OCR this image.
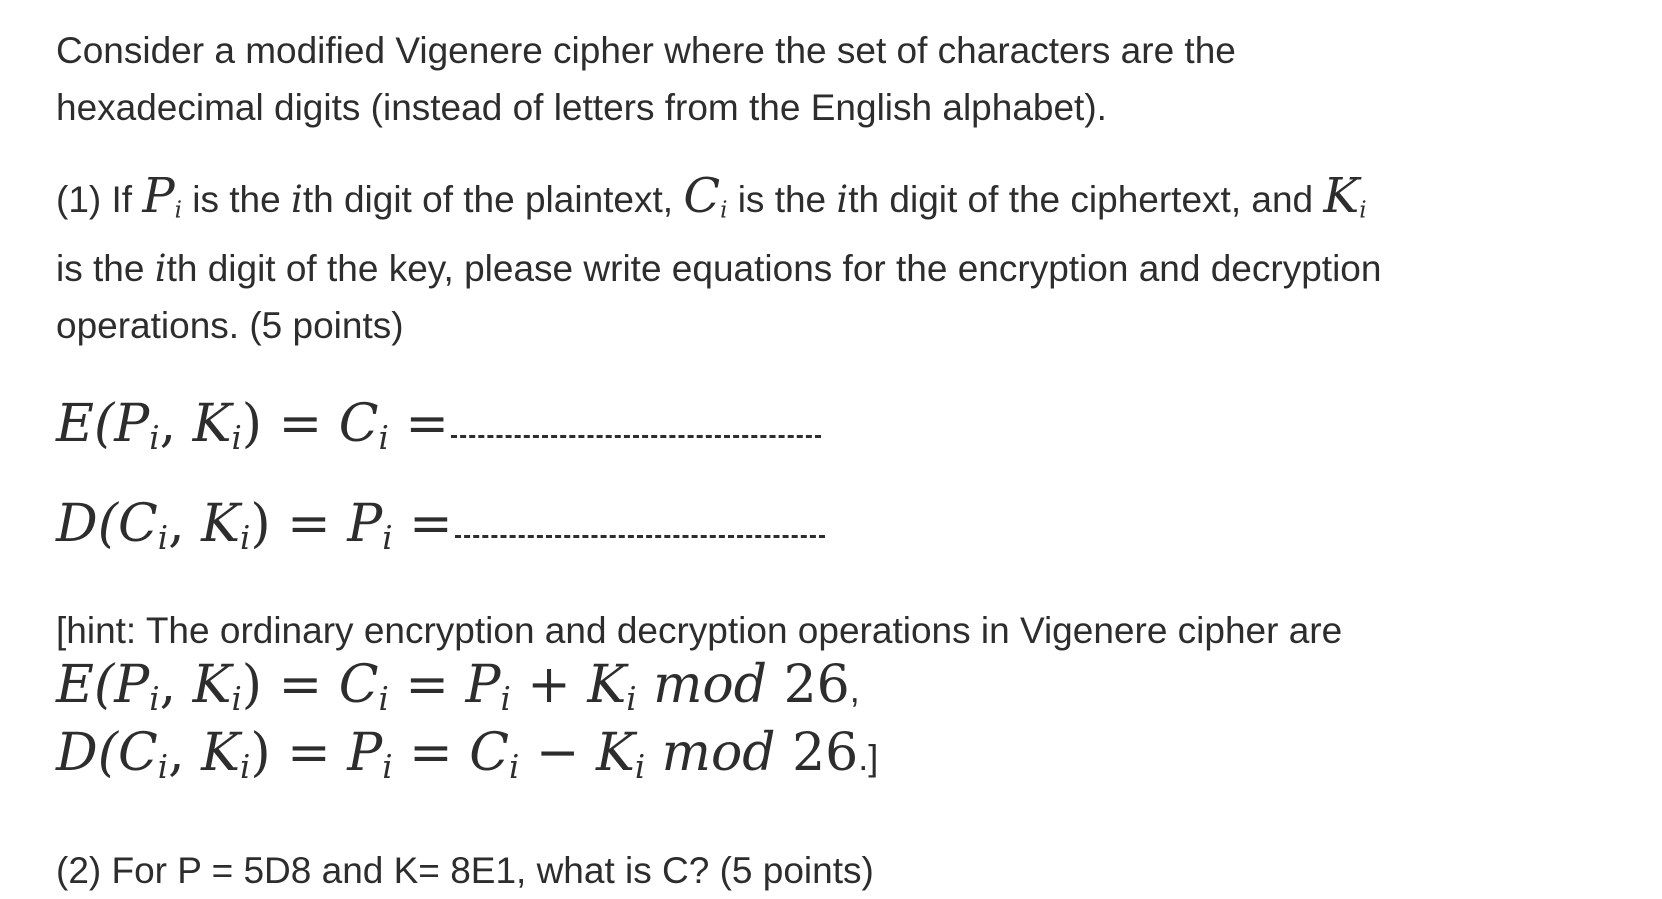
Consider a modified Vigenere cipher where the set of characters are the
hexadecimal digits (instead of letters from the English alphabet).

(1) If $P_i$ is the ith digit of the plaintext, $C_i$ is the ith digit of the ciphertext, and $K_i$
is the ith digit of the key, please write equations for the encryption and decryption
operations. (5 points)

$E(P_i$, $K_i) = C_i$ =
$D(C_i$, $K_i) = P_i$ =
[hint: The ordinary encryption and decryption operations in Vigenere cipher are
$E(P_i$, $K_i) = C_i = P_i + K_i$ mod 26,
$D(C_i$, $K_i) = P_i = C_i - K_i$ mod 26.]
(2) For P = 5D8 and K= 8E1, what is C? (5 points)
